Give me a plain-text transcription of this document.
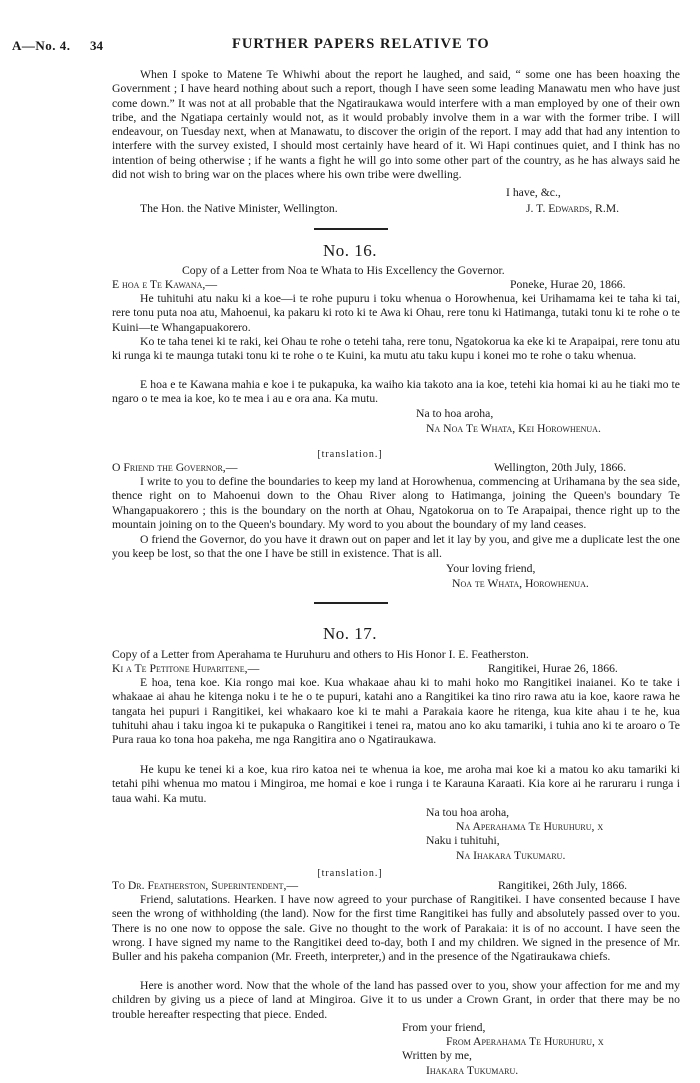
A—No. 4. 34	FURTHER PAPERS RELATIVE TO
When I spoke to Matene Te Whiwhi about the report he laughed, and said, “ some one has been hoaxing the Government ; I have heard nothing about such a report, though I have seen some leading Manawatu men who have just come down.” It was not at all probable that the Ngatiraukawa would interfere with a man employed by one of their own tribe, and the Ngatiapa certainly would not, as it would probably involve them in a war with the former tribe. I will endeavour, on Tuesday next, when at Manawatu, to discover the origin of the report. I may add that had any intention to interfere with the survey existed, I should most certainly have heard of it. Wi Hapi continues quiet, and I think has no intention of being otherwise ; if he wants a fight he will go into some other part of the country, as he has always said he did not wish to bring war on the places where his own tribe were dwelling.
I have, &c.,
The Hon. the Native Minister, Wellington.	J. T. Edwards, R.M.
No. 16.
Copy of a Letter from Noa te Whata to His Excellency the Governor.
E hoa e Te Kawana,—	Poneke, Hurae 20, 1866.
He tuhituhi atu naku ki a koe—i te rohe pupuru i toku whenua o Horowhenua, kei Urihamama kei te taha ki tai, rere tonu puta noa atu, Mahoenui, ka pakaru ki roto ki te Awa ki Ohau, rere tonu ki Hatimanga, tutaki tonu ki te rohe o te Kuini—te Whangapuakorero.
Ko te taha tenei ki te raki, kei Ohau te rohe o tetehi taha, rere tonu, Ngatokorua ka eke ki te Arapaipai, rere tonu atu ki runga ki te maunga tutaki tonu ki te rohe o te Kuini, ka mutu atu taku kupu i konei mo te rohe o taku whenua.
E hoa e te Kawana mahia e koe i te pukapuka, ka waiho kia takoto ana ia koe, tetehi kia homai ki au he tiaki mo te ngaro o te mea ia koe, ko te mea i au e ora ana. Ka mutu.
Na to hoa aroha,
Na Noa Te Whata, Kei Horowhenua.
[translation.]
O Friend the Governor,—	Wellington, 20th July, 1866.
I write to you to define the boundaries to keep my land at Horowhenua, commencing at Urihamana by the sea side, thence right on to Mahoenui down to the Ohau River along to Hatimanga, joining the Queen's boundary Te Whangapuakorero ; this is the boundary on the north at Ohau, Ngatokorua on to Te Arapaipai, thence right up to the mountain joining on to the Queen's boundary. My word to you about the boundary of my land ceases.
O friend the Governor, do you have it drawn out on paper and let it lay by you, and give me a duplicate lest the one you keep be lost, so that the one I have be still in existence. That is all.
Your loving friend,
Noa te Whata, Horowhenua.
No. 17.
Copy of a Letter from Aperahama te Huruhuru and others to His Honor I. E. Featherston.
Ki a Te Petitone Huparitene,—	Rangitikei, Hurae 26, 1866.
E hoa, tena koe. Kia rongo mai koe. Kua whakaae ahau ki to mahi hoko mo Rangitikei inaianei. Ko te take i whakaae ai ahau he kitenga noku i te he o te pupuri, katahi ano a Rangitikei ka tino riro rawa atu ia koe, kaore rawa he tangata hei pupuri i Rangitikei, kei whakaaro koe ki te mahi a Parakaia kaore he ritenga, kua kite ahau i te he, kua tuhituhi ahau i taku ingoa ki te pukapuka o Rangitikei i tenei ra, matou ano ko aku tamariki, i tuhia ano ki te aroaro o Te Pura raua ko tona hoa pakeha, me nga Rangitira ano o Ngatiraukawa.
He kupu ke tenei ki a koe, kua riro katoa nei te whenua ia koe, me aroha mai koe ki a matou ko aku tamariki ki tetahi pihi whenua mo matou i Mingiroa, me homai e koe i runga i te Karauna Karaati. Kia kore ai he raruraru i runga i taua wahi. Ka mutu.
Na tou hoa aroha,
Na Aperahama Te Huruhuru, x
Naku i tuhituhi,
Na Ihakara Tukumaru.
[translation.]
To Dr. Featherston, Superintendent,—	Rangitikei, 26th July, 1866.
Friend, salutations. Hearken. I have now agreed to your purchase of Rangitikei. I have consented because I have seen the wrong of withholding (the land). Now for the first time Rangitikei has fully and absolutely passed over to you. There is no one now to oppose the sale. Give no thought to the work of Parakaia: it is of no account. I have seen the wrong. I have signed my name to the Rangitikei deed to-day, both I and my children. We signed in the presence of Mr. Buller and his pakeha companion (Mr. Freeth, interpreter,) and in the presence of the Ngatiraukawa chiefs.
Here is another word. Now that the whole of the land has passed over to you, show your affection for me and my children by giving us a piece of land at Mingiroa. Give it to us under a Crown Grant, in order that there may be no trouble hereafter respecting that piece. Ended.
From your friend,
From Aperahama Te Huruhuru, x
Written by me,
Ihakara Tukumaru.
